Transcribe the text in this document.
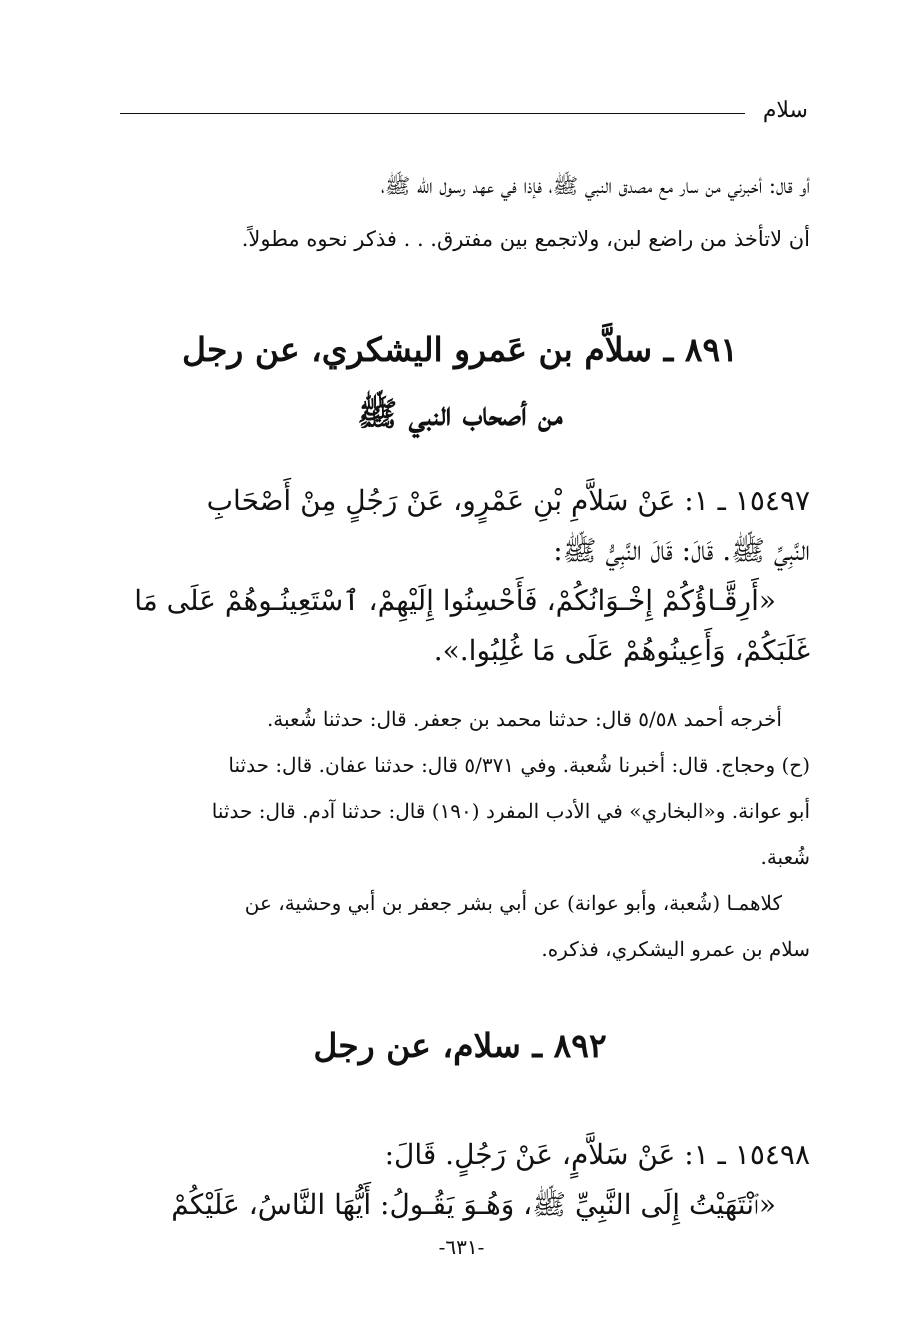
سلام
أو قال: أخبرني من سار مع مصدق النبي ﷺ، فإذا في عهد رسول الله ﷺ،
أن لاتأخذ من راضع لبن، ولاتجمع بين مفترق. . . فذكر نحوه مطولاً.
٨٩١ ـ سلاَّم بن عَمرو اليشكري، عن رجل
من أصحاب النبي ﷺ
١٥٤٩٧ ـ ١: عَنْ سَلاَّمِ بْنِ عَمْرٍو، عَنْ رَجُلٍ مِنْ أَصْحَابِ
النَّبِيِّ ﷺ. قَالَ: قَالَ النَّبِيُّ ﷺ:
«أَرِقَّـاؤُكُمْ إِخْـوَانُكُمْ، فَأَحْسِنُوا إِلَيْهِمْ، ٱسْتَعِينُـوهُمْ عَلَى مَا
غَلَبَكُمْ، وَأَعِينُوهُمْ عَلَى مَا غُلِبُوا.».
أخرجه أحمد ٥/٥٨ قال: حدثنا محمد بن جعفر. قال: حدثنا شُعبة.
(ح) وحجاج. قال: أخبرنا شُعبة. وفي ٥/٣٧١ قال: حدثنا عفان. قال: حدثنا
أبو عوانة. و«البخاري» في الأدب المفرد (١٩٠) قال: حدثنا آدم. قال: حدثنا
شُعبة.
كلاهمـا (شُعبة، وأبو عوانة) عن أبي بشر جعفر بن أبي وحشية، عن
سلام بن عمرو اليشكري، فذكره.
٨٩٢ ـ سلام، عن رجل
١٥٤٩٨ ـ ١: عَنْ سَلاَّمٍ، عَنْ رَجُلٍ. قَالَ:
«ٱنْتَهَيْتُ إِلَى النَّبِيِّ ﷺ، وَهُـوَ يَقُـولُ: أَيُّهَا النَّاسُ، عَلَيْكُمْ
-٦٣١-
